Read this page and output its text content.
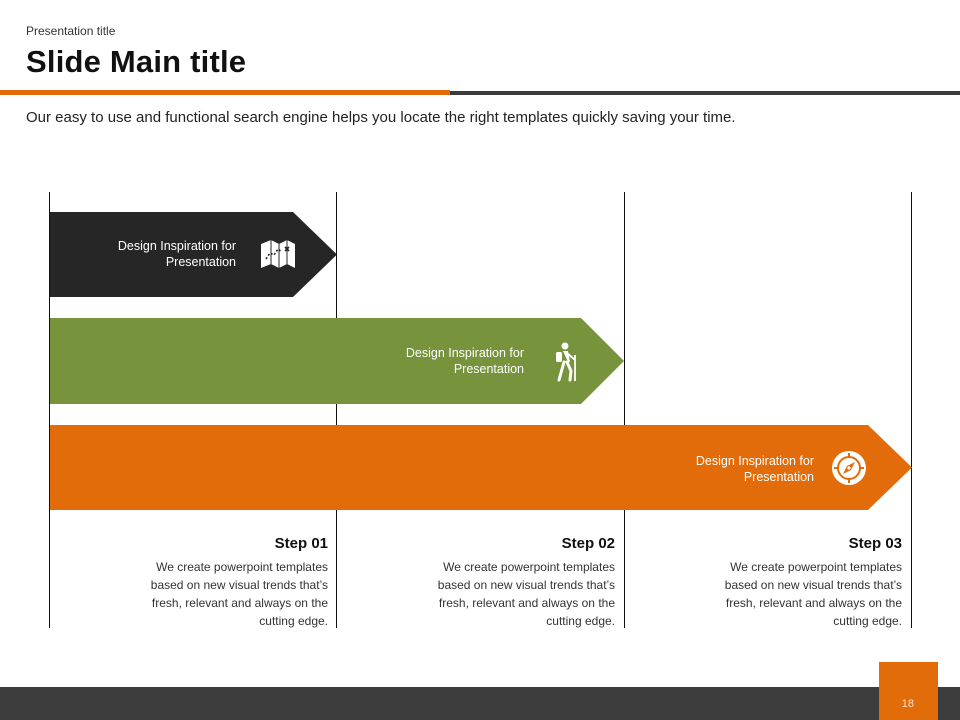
Presentation title
Slide Main title
Our easy to use and functional search engine helps you locate the right templates quickly saving your time.
Design Inspiration for
Presentation
Design Inspiration for
Presentation
Design Inspiration for
Presentation
Step 01
We create powerpoint templates
based on new visual trends that’s
fresh, relevant and always on the
cutting edge.
Step 02
We create powerpoint templates
based on new visual trends that’s
fresh, relevant and always on the
cutting edge.
Step 03
We create powerpoint templates
based on new visual trends that’s
fresh, relevant and always on the
cutting edge.
18
